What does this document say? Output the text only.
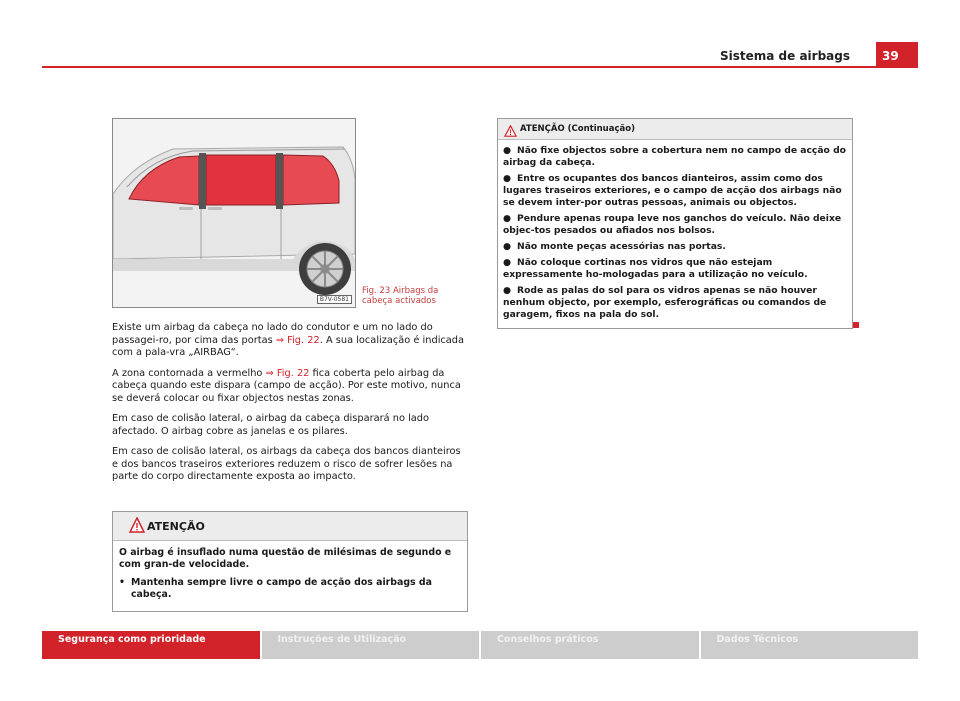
Sistema de airbags	39
B7V-0581
Fig. 23 Airbags da cabeça activados

Existe um airbag da cabeça no lado do condutor e um no lado do passagei-ro, por cima das portas ⇒ Fig. 22. A sua localização é indicada com a pala-vra „AIRBAG“.

A zona contornada a vermelho ⇒ Fig. 22 fica coberta pelo airbag da cabeça quando este dispara (campo de acção). Por este motivo, nunca se deverá colocar ou fixar objectos nestas zonas.

Em caso de colisão lateral, o airbag da cabeça disparará no lado afectado. O airbag cobre as janelas e os pilares.

Em caso de colisão lateral, os airbags da cabeça dos bancos dianteiros e dos bancos traseiros exteriores reduzem o risco de sofrer lesões na parte do corpo directamente exposta ao impacto.

ATENÇÃO

O airbag é insuflado numa questão de milésimas de segundo e com gran-de velocidade.

• Mantenha sempre livre o campo de acção dos airbags da cabeça.
ATENÇÃO (Continuação)
● Não fixe objectos sobre a cobertura nem no campo de acção do airbag da cabeça.
● Entre os ocupantes dos bancos dianteiros, assim como dos lugares traseiros exteriores, e o campo de acção dos airbags não se devem inter-por outras pessoas, animais ou objectos.
● Pendure apenas roupa leve nos ganchos do veículo. Não deixe objec-tos pesados ou afiados nos bolsos.
● Não monte peças acessórias nas portas.
● Não coloque cortinas nos vidros que não estejam expressamente ho-mologadas para a utilização no veículo.
● Rode as palas do sol para os vidros apenas se não houver nenhum objecto, por exemplo, esferográficas ou comandos de garagem, fixos na pala do sol.
Segurança como prioridade	Instruções de Utilização	Conselhos práticos	Dados Técnicos
